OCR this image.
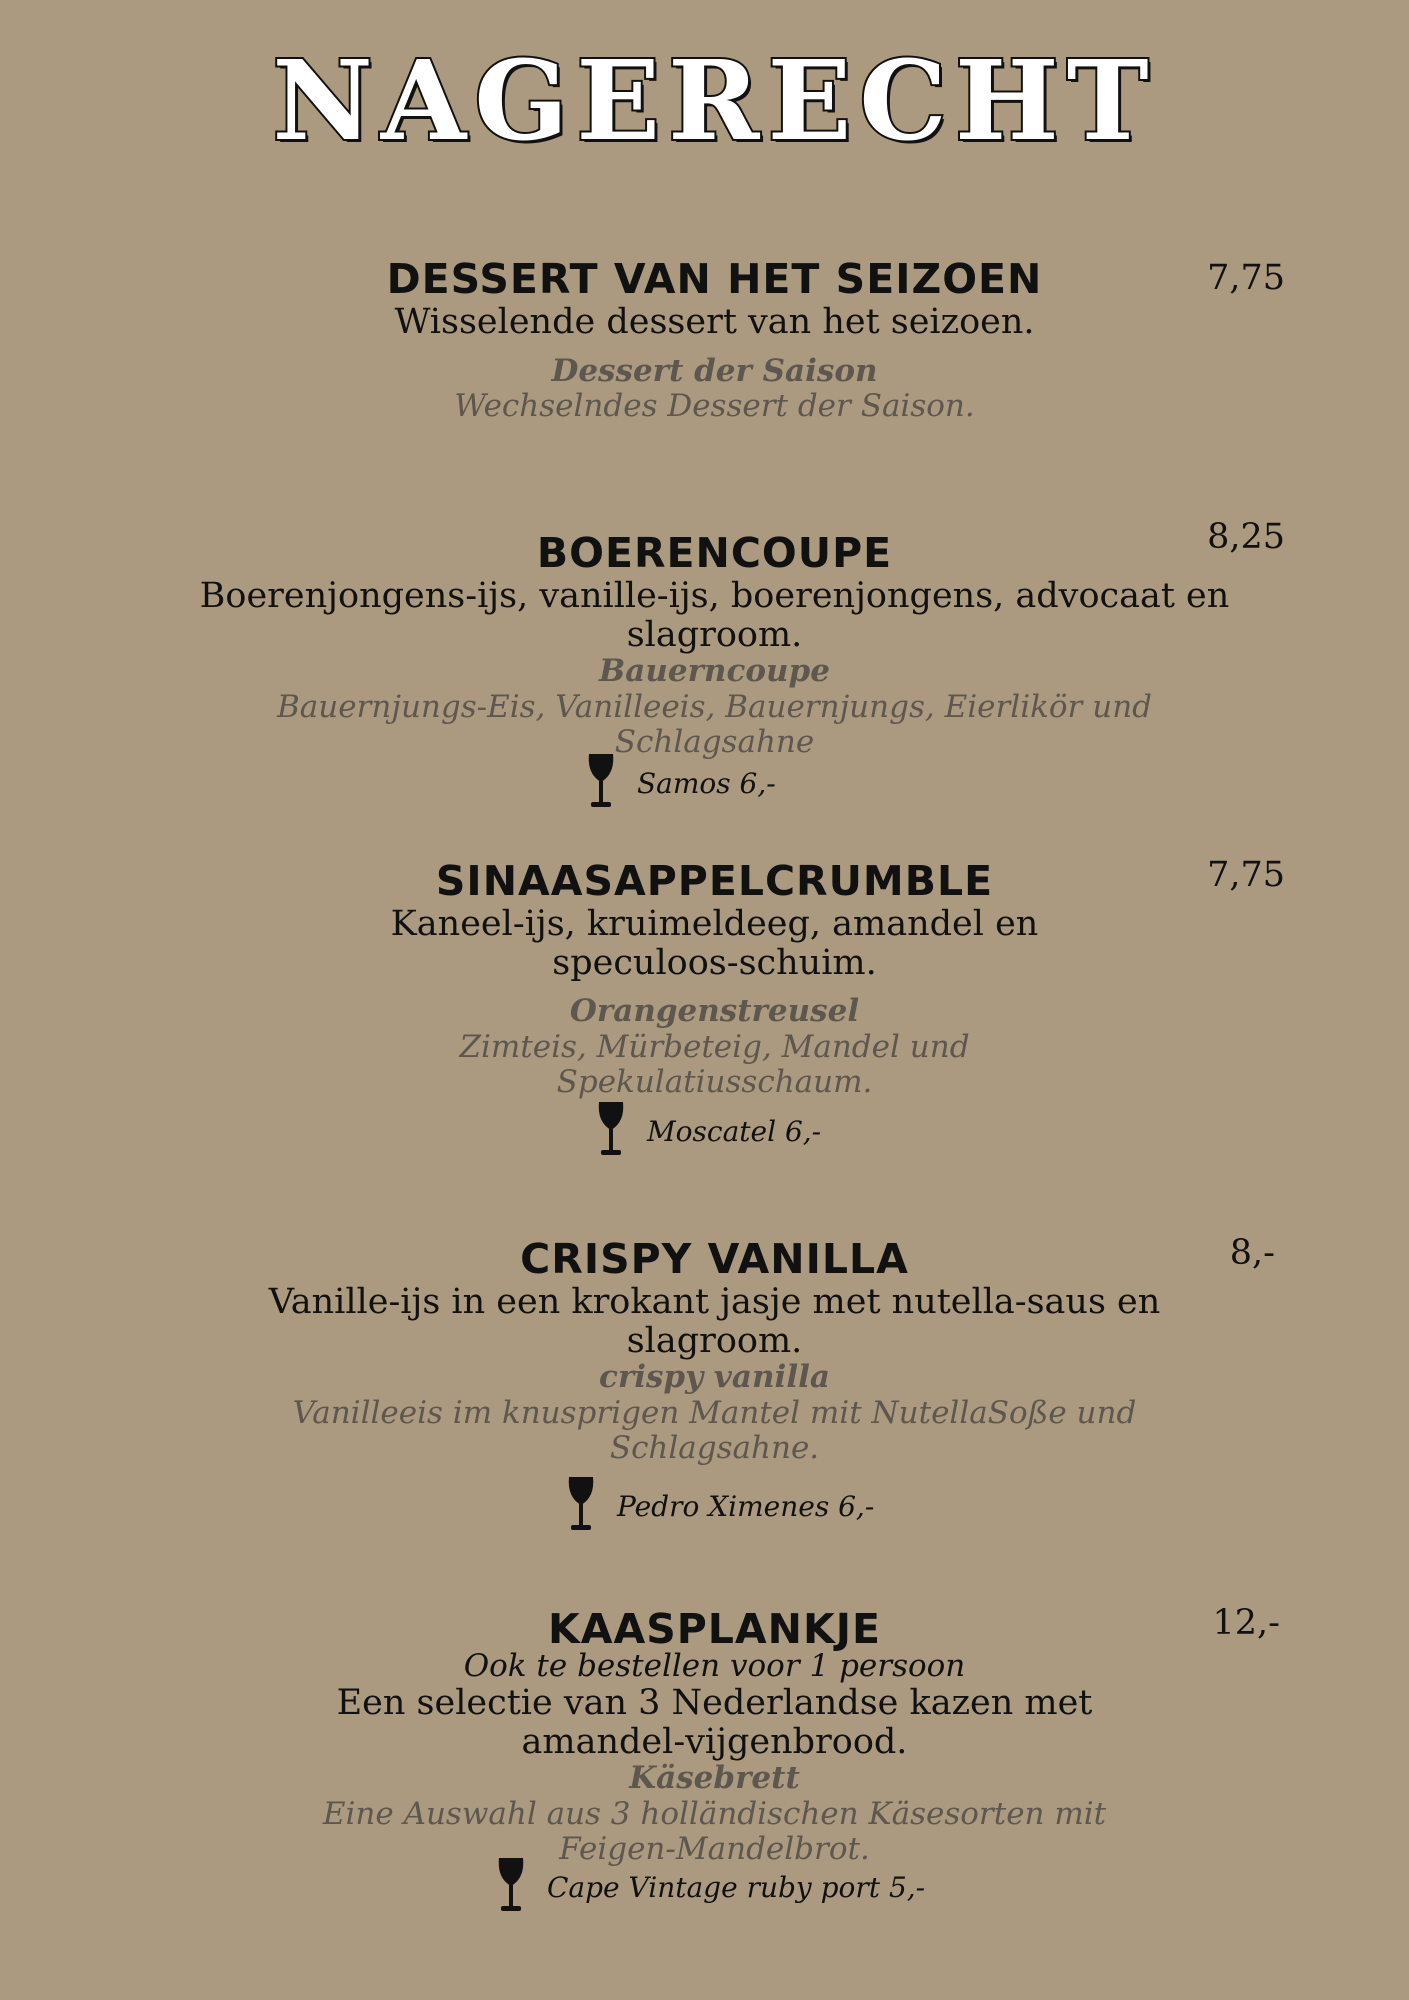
NAGERECHT
DESSERT VAN HET SEIZOEN
Wisselende dessert van het seizoen.
Dessert der Saison
Wechselndes Dessert der Saison.
7,75
BOERENCOUPE
Boerenjongens-ijs, vanille-ijs, boerenjongens, advocaat en slagroom.
Bauerncoupe
Bauernjungs-Eis, Vanilleeis, Bauernjungs, Eierlikör und Schlagsahne
8,25
Samos 6,-
SINAASAPPELCRUMBLE
Kaneel-ijs, kruimeldeeg, amandel en speculoos-schuim.
Orangenstreusel
Zimteis, Mürbeteig, Mandel und Spekulatiusschaum.
7,75
Moscatel 6,-
CRISPY VANILLA
Vanille-ijs in een krokant jasje met nutella-saus en slagroom.
crispy vanilla
Vanilleeis im knusprigen Mantel mit NutellaSoße und Schlagsahne.
8,-
Pedro Ximenes 6,-
KAASPLANKJE
Ook te bestellen voor 1 persoon
Een selectie van 3 Nederlandse kazen met amandel-vijgenbrood.
Käsebrett
Eine Auswahl aus 3 holländischen Käsesorten mit Feigen-Mandelbrot.
12,-
Cape Vintage ruby port 5,-
